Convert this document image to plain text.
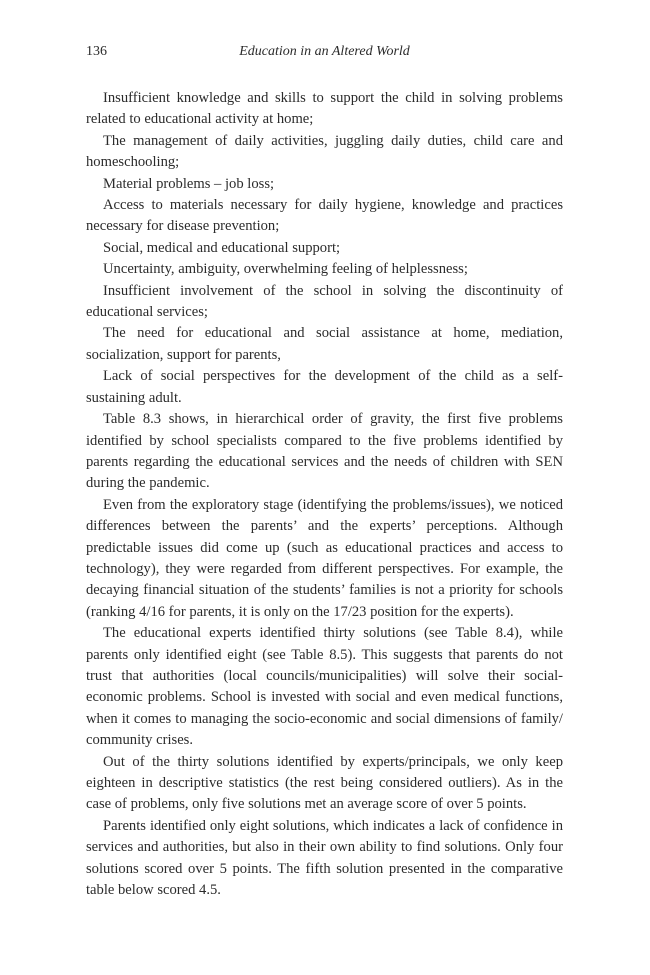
136	Education in an Altered World

Insufficient knowledge and skills to support the child in solving problems related to educational activity at home;

The management of daily activities, juggling daily duties, child care and homeschooling;

Material problems – job loss;

Access to materials necessary for daily hygiene, knowledge and practices necessary for disease prevention;

Social, medical and educational support;

Uncertainty, ambiguity, overwhelming feeling of helplessness;

Insufficient involvement of the school in solving the discontinuity of educational services;

The need for educational and social assistance at home, mediation, socialization, support for parents,

Lack of social perspectives for the development of the child as a self-sustaining adult.

Table 8.3 shows, in hierarchical order of gravity, the first five problems identified by school specialists compared to the five problems identified by parents regarding the educational services and the needs of children with SEN during the pandemic.

Even from the exploratory stage (identifying the problems/issues), we noticed differences between the parents’ and the experts’ perceptions. Although predictable issues did come up (such as educational practices and access to technology), they were regarded from different perspectives. For example, the decaying financial situation of the students’ families is not a priority for schools (ranking 4/16 for parents, it is only on the 17/23 position for the experts).

The educational experts identified thirty solutions (see Table 8.4), while parents only identified eight (see Table 8.5). This suggests that parents do not trust that authorities (local councils/municipalities) will solve their social-economic problems. School is invested with social and even medical functions, when it comes to managing the socio-economic and social dimensions of family/ community crises.

Out of the thirty solutions identified by experts/principals, we only keep eighteen in descriptive statistics (the rest being considered outliers). As in the case of problems, only five solutions met an average score of over 5 points.

Parents identified only eight solutions, which indicates a lack of confidence in services and authorities, but also in their own ability to find solutions. Only four solutions scored over 5 points. The fifth solution presented in the comparative table below scored 4.5.
